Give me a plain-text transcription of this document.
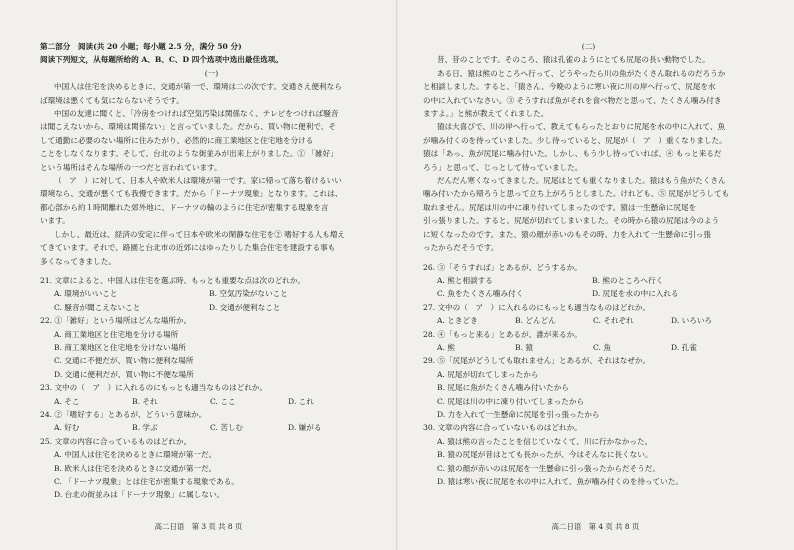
第二部分　阅读(共 20 小题；每小题 2.5 分，满分 50 分)
阅读下列短文，从每题所给的 A、B、C、D 四个选项中选出最佳选项。
(一)
中国人は住宅を決めるときに、交通が第一で、環境は二の次です。交通さえ便利なら
ば環境は悪くても気にならないそうです。
中国の友達に聞くと、「冷房をつければ空気汚染は関係なく、テレビをつければ騒音
は聞こえないから、環境は関係ない」と言っていました。だから、買い物に便利で、そ
して通勤に必要のない場所に住みたがり、必然的に商工業地区と住宅地を分ける
ことをしなくなります。そして、台北のような街並みが出来上がりました。① 「雑好」
という場所はそんな場所の一つだと言われています。
（　ア　）に対して、日本人や欧米人は環境が第一です。家に帰って落ち着けるいい
環境なら、交通が悪くても我慢できます。だから「ドーナツ現象」となります。これは、
都心部から約１時間離れた郊外地に、ドーナツの輪のように住宅が密集する現象を言
います。
しかし、最近は、経済の安定に伴って日本や欧米の閑静な住宅を② 嗜好する人も増え
てきています。それで、路園と台北市の近郊にはゆったりした集合住宅を建設する事も
多くなってきました。
21. 文章によると、中国人は住宅を選ぶ時、もっとも重要な点は次のどれか。
A. 環境がいいこと	B. 空気汚染がないこと
C. 騒音が聞こえないこと	D. 交通が便利なこと
22. ①「雑好」という場所はどんな場所か。
A. 商工業地区と住宅地を分ける場所
B. 商工業地区と住宅地を分けない場所
C. 交通に不便だが、買い物に便利な場所
D. 交通に便利だが、買い物に不便な場所
23. 文中の（　ア　）に入れるのにもっとも適当なものはどれか。
A. そこ	B. それ	C. ここ	D. これ
24. ②「嗜好する」とあるが、どういう意味か。
A. 好む	B. 学ぶ	C. 苦しむ	D. 嫌がる
25. 文章の内容に合っているものはどれか。
A. 中国人は住宅を決めるときに環境が第一だ。
B. 欧米人は住宅を決めるときに交通が第一だ。
C. 「ドーナツ現象」とは住宅が密集する現象である。
D. 台北の街並みは「ドーナツ現象」に属しない。
高二日语　第 3 页 共 8 页
(二)
昔、昔のことです。そのころ、猿は孔雀のようにとても尻尾の長い動物でした。
ある日、猿は熊のところへ行って、どうやったら川の魚がたくさん取れるのだろうか
と相談しました。すると、「猿さん、今晩のように寒い夜に川の岸へ行って、尻尾を水
の中に入れていなさい。③ そうすれば魚がそれを食べ物だと思って、たくさん噛み付き
ますよ。」と熊が教えてくれました。
猿は大喜びで、川の岸へ行って、教えてもらったとおりに尻尾を水の中に入れて、魚
が噛み付くのを待っていました。少し待っていると、尻尾が（　ア　）重くなりました。
猿は「あっ、魚が尻尾に噛み付いた。しかし、もう少し待っていれば、④ もっと来るだ
ろう」と思って、じっとして待っていました。
だんだん寒くなってきました。尻尾はとても重くなりました。猿はもう魚がたくさん
噛み付いたから帰ろうと思って立ち上がろうとしました。けれども、⑤ 尻尾がどうしても
取れません。尻尾は川の中に凍り付いてしまったのです。猿は一生懸命に尻尾を
引っ張りました。すると、尻尾が切れてしまいました。その時から猿の尻尾は今のよう
に短くなったのです。また、猿の顔が赤いのもその時、力を入れて一生懸命に引っ張
ったからだそうです。
26. ③「そうすれば」とあるが、どうするか。
A. 熊と相談する	B. 熊のところへ行く
C. 魚をたくさん噛み付く	D. 尻尾を水の中に入れる
27. 文中の（　ア　）に入れるのにもっとも適当なものはどれか。
A. ときどき	B. どんどん	C. それぞれ	D. いろいろ
28. ④「もっと来る」とあるが、誰が来るか。
A. 熊	B. 猿	C. 魚	D. 孔雀
29. ⑤「尻尾がどうしても取れません」とあるが、それはなぜか。
A. 尻尾が切れてしまったから
B. 尻尾に魚がたくさん噛み付いたから
C. 尻尾は川の中に凍り付いてしまったから
D. 力を入れて一生懸命に尻尾を引っ張ったから
30. 文章の内容に合っていないものはどれか。
A. 猿は熊の言ったことを信じていなくて、川に行かなかった。
B. 猿の尻尾が昔はとても長かったが、今はそんなに長くない。
C. 猿の顔が赤いのは尻尾を一生懸命に引っ張ったからだそうだ。
D. 猿は寒い夜に尻尾を水の中に入れて、魚が噛み付くのを待っていた。
高二日语　第 4 页 共 8 页
